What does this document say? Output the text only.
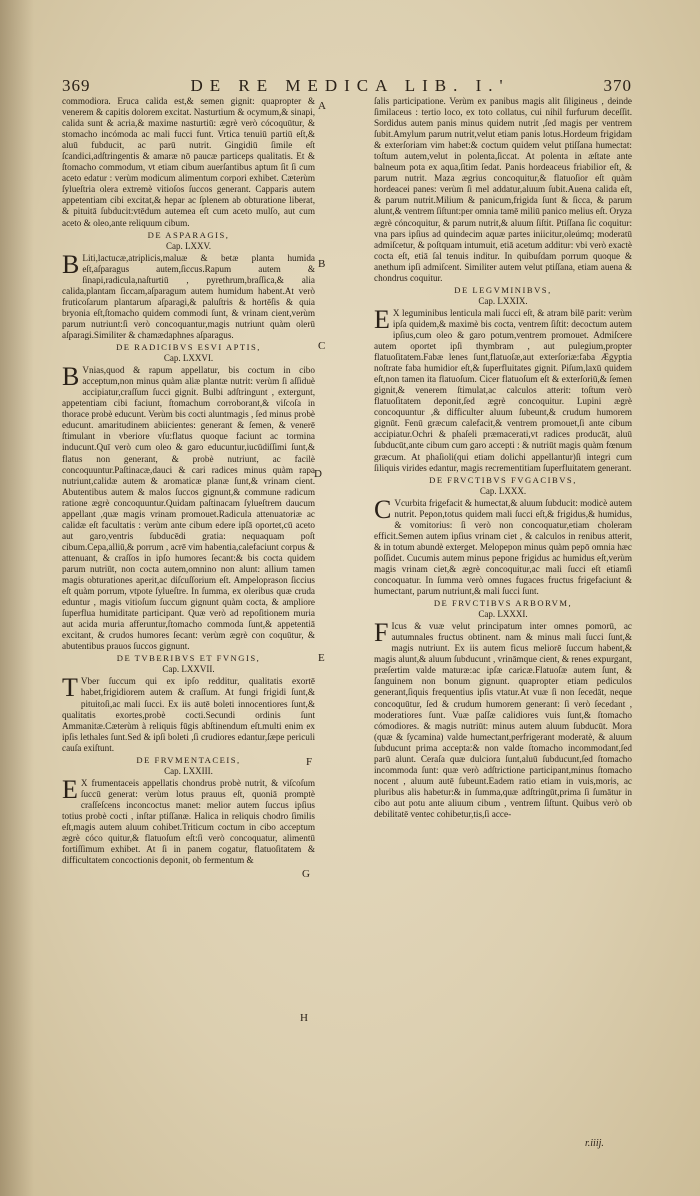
369	DE RE MEDICA LIB. I.'	370

commodiora. Eruca calida est,& semen gignit: quapropter & venerem & capitis dolorem excitat. Nasturtium & ocymum,& sinapi, calida sunt & acria,& maxime nasturtiū: ægrè verò cócoquūtur, & stomacho incómoda ac mali fucci funt. Vrtica tenuiū partiū eſt,& aluū fubducit, ac parū nutrit. Gingidiū ſimile eſt ſcandici,adſtringentis & amaræ nō paucæ particeps qualitatis. Et & ſtomacho commodum, vt etiam cibum auerſantibus aptum ſit ſi cum aceto edatur : verùm modicum alimentum corpori exhibet. Cæterùm ſylueſtria olera extremè vitioſos ſuccos generant. Capparis autem appetentiam cibi excitat,& hepar ac ſplenem ab obturatione liberat, & pituitā ſubducit:vtēdum autemea eſt cum aceto mulſo, aut cum aceto & oleo,ante reliquum cibum.

DE ASPARAGIS,
Cap. LXXV.

B Liti,lactucæ,atriplicis,maluæ & betæ planta humida eſt,aſparagus autem,ſiccus.Rapum autem & ſinapi,radicula,naſturtiū , pyrethrum,braſſica,& alia calida,plantam ſiccam,aſparagum autem humidum habent.At verò fruticoſarum plantarum aſparagi,& paluſtris & hortēſis & quia bryonia eſt,ſtomacho quidem commodi ſunt, & vrinam cient,verùm parum nutriunt:ſi verò concoquantur,magis nutriunt quàm olerū aſparagi.Similiter & chamædaphnes aſparagus.

DE RADICIBVS ESVI APTIS,
Cap. LXXVI.

B Vnias,quod & rapum appellatur, bis coctum in cibo acceptum,non minus quàm aliæ plantæ nutrit: verùm ſi aſſiduè accipiatur,craſſum ſucci gignit. Bulbi adſtringunt , extergunt, appetentiam cibi faciunt, ſtomachum corroborant,& viſcoſa in thorace probè educunt. Verùm bis cocti aluntmagis , ſed minus probè educunt. amaritudinem abiicientes: generant & ſemen, & venerē ſtimulant in vberiore vſu:flatus quoque faciunt ac tormina inducunt.Quī verò cum oleo & garo educuntur,iucūdiſſimi ſunt,& flatus non generant, & probè nutriunt, ac facilè concoquuntur.Paſtinacæ,dauci & cari radices minus quàm rapa nutriunt,calidæ autem & aromaticæ planæ ſunt,& vrinam cient. Abutentibus autem & malos ſuccos gignunt,& commune radicum ratione ægrè concoquuntur.Quidam paſtinacam ſylueſtrem daucum appellant ,quæ magis vrinam promouet.Radicula attenuatoriæ ac calidæ eſt facultatis : verùm ante cibum edere ipſā oportet,cū aceto aut garo,ventris ſubducēdi gratia: nequaquam poſt cibum.Cepa,alliū,& porrum , acrē vim habentia,calefaciunt corpus & attenuant, & craſſos in ipſo humores ſecant:& bis cocta quidem parum nutriūt, non cocta autem,omnino non alunt: allium tamen magis obturationes aperit,ac diſcuſſorium eſt. Ampeloprason ſiccius eſt quàm porrum, vtpote ſylueſtre. In ſumma, ex oleribus quæ cruda eduntur , magis vitioſum ſuccum gignunt quàm cocta, & ampliore ſuperflua humiditate participant. Quæ verò ad repoſitionem muria aut acida muria afferuntur,ſtomacho commoda ſunt,& appetentiā excitant, & crudos humores ſecant: verùm ægrè con coquūtur, & abutentibus prauos ſuccos gignunt.

DE TVBERIBVS ET FVNGIS,
Cap. LXXVII.

T Vber ſuccum qui ex ipſo redditur, qualitatis exortē habet,frigidiorem autem & craſſum. At fungi frigidi ſunt,& pituitoſi,ac mali ſucci. Ex iis autē boleti innocentiores ſunt,& qualitatis exortes,probè cocti.Secundi ordinis ſunt Ammanitæ.Cæterùm à reliquis fūgis abſtinendum eſt.multi enim ex ipſis lethales ſunt.Sed & ipſi boleti ,ſi crudiores edantur,ſæpe periculi cauſa exiſtunt.

DE FRVMENTACEIS,
Cap. LXXIII.

E X frumentaceis appellatis chondrus probè nutrit, & viſcoſum ſuccū generat: verùm lotus prauus eſt, quoniā promptè craſſeſcens inconcoctus manet: melior autem ſuccus ipſius totius probè cocti , inſtar ptiſſanæ. Halica in reliquis chodro ſimilis eſt,magis autem aluum cohibet.Triticum coctum in cibo acceptum ægrè cóco quitur,& flatuoſum eſt:ſi verò concoquatur, alimentū fortiſſimum exhibet. At ſi in panem cogatur, flatuoſitatem & difficultatem concoctionis deponit, ob fermentum &

ſalis participatione. Verùm ex panibus magis alit ſiligineus , deinde ſimilaceus : tertio loco, ex toto collatus, cui nihil furfurum deceſſit. Sordidus autem panis minus quidem nutrit ,ſed magis per ventrem ſubit.Amylum parum nutrit,velut etiam panis lotus.Hordeum frigidam & exterſoriam vim habet:& coctum quidem velut ptiſſana humectat: toſtum autem,velut in polenta,ſiccat. At polenta in æſtate ante balneum pota ex aqua,ſitim ſedat. Panis hordeaceus friabilior eſt, & parum nutrit. Maza ægrius concoquitur,& flatuoſior eſt quàm hordeacei panes: verùm ſi mel addatur,aluum ſubit.Auena calida eſt, & parum nutrit.Milium & panicum,frigida ſunt & ſicca, & parum alunt,& ventrem ſiſtunt:per omnia tamē miliū panico melius eſt. Oryza ægrè cóncoquitur, & parum nutrit,& aluum ſiſtit. Ptiſſana ſic coquitur: vna pars ipſius ad quindecim aquæ partes iniicitur,oleúmq; moderatū admiſcetur, & poſtquam intumuit, etiā acetum additur: vbi verò exactè cocta eſt, etiā ſal tenuis inditur. In quibuſdam porrum quoque & anethum ipſi admiſcent. Similiter autem velut ptiſſana, etiam auena & chondrus coquitur.

DE LEGVMINIBVS,
Cap. LXXIX.

E X leguminibus lenticula mali ſucci eſt, & atram bilē parit: verùm ipſa quidem,& maximè bis cocta, ventrem ſiſtit: decoctum autem ipſius,cum oleo & garo potum,ventrem promouet. Admiſcere autem oportet ipſi thymbram , aut pulegium,propter flatuoſitatem.Fabæ lenes ſunt,flatuoſæ,aut exterſoriæ:faba Ægyptia noſtrate faba humidior eſt,& ſuperfluitates gignit. Piſum,laxū quidem eſt,non tamen ita flatuoſum. Cicer flatuoſum eſt & exterſoriū,& ſemen gignit,& venerem ſtimulat,ac calculos atterit: toſtum verò flatuoſitatem deponit,ſed ægrè concoquitur. Lupini ægrè concoquuntur ,& difficulter aluum ſubeunt,& crudum humorem gignūt. Fenū græcum calefacit,& ventrem promouet,ſi ante cibum accipiatur.Ochri & phaſeli præmacerati,vt radices producāt, aluū ſubducūt,ante cibum cum garo accepti : & nutriūt magis quàm fœnum græcum. At phaſioli(qui etiam dolichi appellantur)ſi integri cum ſiliquis virides edantur, magis recrementitiam ſuperfluitatem generant.

DE FRVCTIBVS FVGACIBVS,
Cap. LXXX.

C Vcurbita frigefacit & humectat,& aluum ſubducit: modicè autem nutrit. Pepon,totus quidem mali ſucci eſt,& frigidus,& humidus, & vomitorius: ſi verò non concoquatur,etiam choleram efficit.Semen autem ipſius vrinam ciet , & calculos in renibus atterit, & in totum abundè exterget. Melopepon minus quàm pepō omnia hæc poſſidet. Cucumis autem minus pepone frigidus ac humidus eſt,verùm magis vrinam ciet,& ægrè concoquitur,ac mali ſucci eſt etiamſi concoquatur. In ſumma verò omnes fugaces fructus frigefaciunt & humectant, parum nutriunt,& mali ſucci ſunt.

DE FRVCTIBVS ARBORVM,
Cap. LXXXI.

F Icus & vuæ velut principatum inter omnes pomorū, ac autumnales fructus obtinent. nam & minus mali ſucci ſunt,& magis nutriunt. Ex iis autem ficus meliorē ſuccum habent,& magis alunt,& aluum ſubducunt , vrināmque cient, & renes expurgant, præſertim valde maturæ:ac ipſæ caricæ.Flatuoſæ autem ſunt, & ſanguinem non bonum gignunt. quapropter etiam pediculos generant,ſiquis frequentius ipſis vtatur.At vuæ ſi non ſecedāt, neque concoquūtur, ſed & crudum humorem generant: ſi verò ſecedant , moderatiores ſunt. Vuæ paſſæ calidiores vuis ſunt,& ſtomacho cómodiores. & magis nutriūt: minus autem aluum ſubducūt. Mora (quæ & ſycamina) valde humectant,perfrigerant moderatè, & aluum ſubducunt prima accepta:& non valde ſtomacho incommodant,ſed parū alunt. Ceraſa quæ dulciora ſunt,aluū ſubducunt,ſed ſtomacho incommoda ſunt: quæ verò adſtrictione participant,minus ſtomacho nocent , aluum autē ſubeunt.Eadem ratio etiam in vuis,moris, ac pluribus alis habetur:& in ſumma,quæ adſtringūt,prima ſi ſumātur in cibo aut potu ante aliuum cibum , ventrem ſiſtunt. Quibus verò ob debilitatē ventec cohibetur,tis,ſi acce-

A
B
C
D
E
F
G
H
r.iiij.
